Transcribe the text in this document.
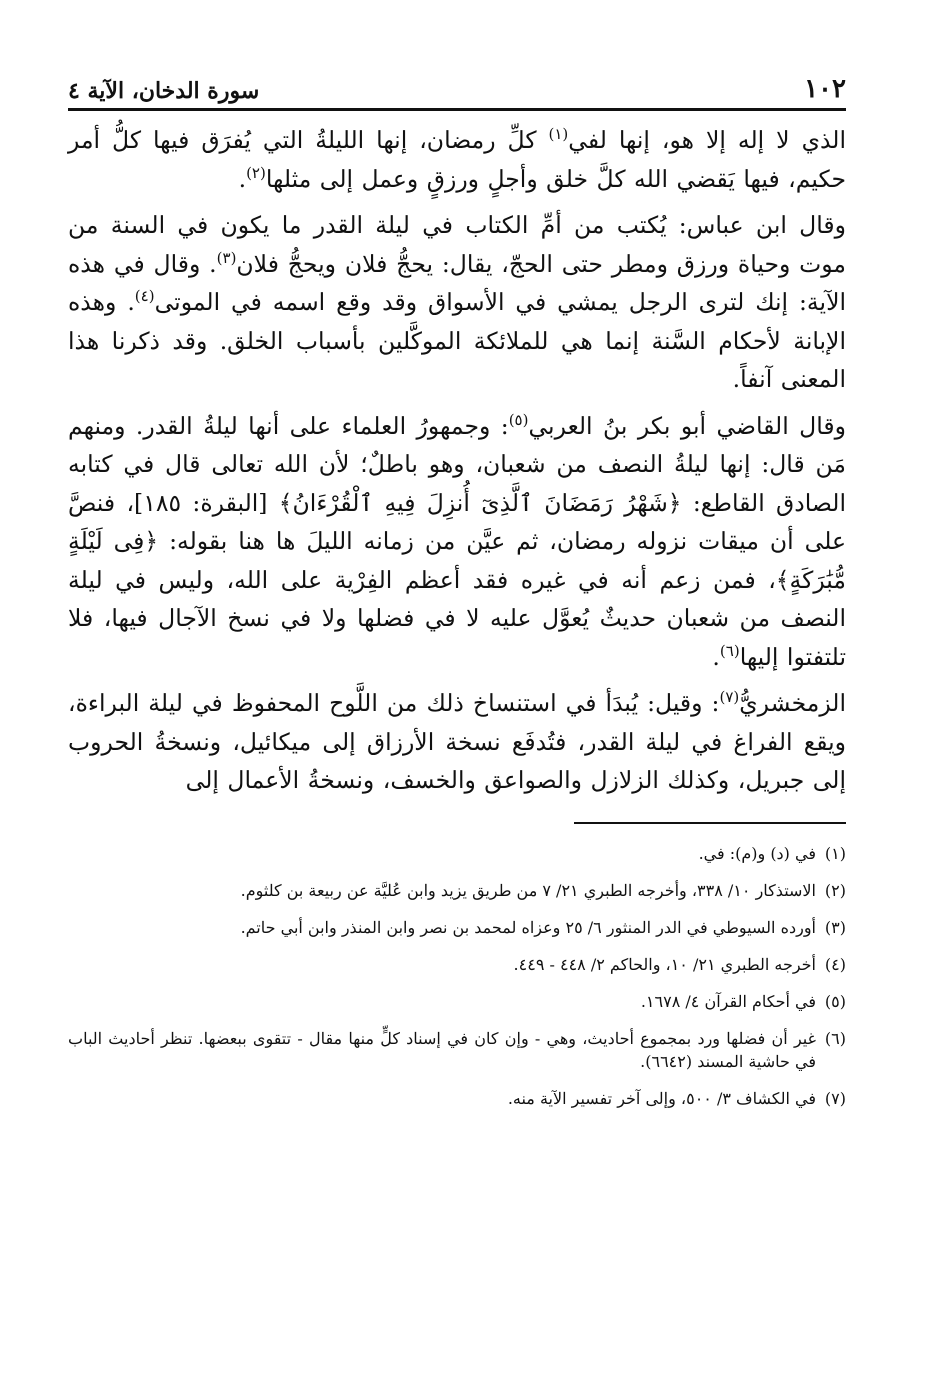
١٠٢
سورة الدخان، الآية ٤

الذي لا إله إلا هو، إنها لفي$^{(١)}$ كلِّ رمضان، إنها الليلةُ التي يُفرَق فيها كلُّ أمر حكيم، فيها يَقضي الله كلَّ خلق وأجلٍ ورزقٍ وعمل إلى مثلها$^{(٢)}$.

وقال ابن عباس: يُكتب من أمِّ الكتاب في ليلة القدر ما يكون في السنة من موت وحياة ورزق ومطر حتى الحجّ، يقال: يحجُّ فلان ويحجُّ فلان$^{(٣)}$. وقال في هذه الآية: إنك لترى الرجل يمشي في الأسواق وقد وقع اسمه في الموتى$^{(٤)}$. وهذه الإبانة لأحكام السَّنة إنما هي للملائكة الموكَّلين بأسباب الخلق. وقد ذكرنا هذا المعنى آنفاً.

وقال القاضي أبو بكر بنُ العربي$^{(٥)}$: وجمهورُ العلماء على أنها ليلةُ القدر. ومنهم مَن قال: إنها ليلةُ النصف من شعبان، وهو باطلٌ؛ لأن الله تعالى قال في كتابه الصادق القاطع: ﴿شَهْرُ رَمَضَانَ ٱلَّذِىٓ أُنزِلَ فِيهِ ٱلْقُرْءَانُ﴾ [البقرة: ١٨٥]، فنصَّ على أن ميقات نزوله رمضان، ثم عيَّن من زمانه الليلَ ها هنا بقوله: ﴿فِى لَيْلَةٍ مُّبَٰرَكَةٍ﴾، فمن زعم أنه في غيره فقد أعظم الفِرْية على الله، وليس في ليلة النصف من شعبان حديثٌ يُعوَّل عليه لا في فضلها ولا في نسخ الآجال فيها، فلا تلتفتوا إليها$^{(٦)}$.

الزمخشريُّ$^{(٧)}$: وقيل: يُبدَأ في استنساخ ذلك من اللَّوح المحفوظ في ليلة البراءة، ويقع الفراغ في ليلة القدر، فتُدفَع نسخة الأرزاق إلى ميكائيل، ونسخةُ الحروب إلى جبريل، وكذلك الزلازل والصواعق والخسف، ونسخةُ الأعمال إلى

(١)
في (د) و(م): في.
(٢)
الاستذكار ١٠/ ٣٣٨، وأخرجه الطبري ٢١/ ٧ من طريق يزيد وابن عُليَّة عن ربيعة بن كلثوم.
(٣)
أورده السيوطي في الدر المنثور ٦/ ٢٥ وعزاه لمحمد بن نصر وابن المنذر وابن أبي حاتم.
(٤)
أخرجه الطبري ٢١/ ١٠، والحاكم ٢/ ٤٤٨ - ٤٤٩.
(٥)
في أحكام القرآن ٤/ ١٦٧٨.
(٦)
غير أن فضلها ورد بمجموع أحاديث، وهي - وإن كان في إسناد كلٍّ منها مقال - تتقوى ببعضها. تنظر أحاديث الباب في حاشية المسند (٦٦٤٢).
(٧)
في الكشاف ٣/ ٥٠٠، وإلى آخر تفسير الآية منه.
